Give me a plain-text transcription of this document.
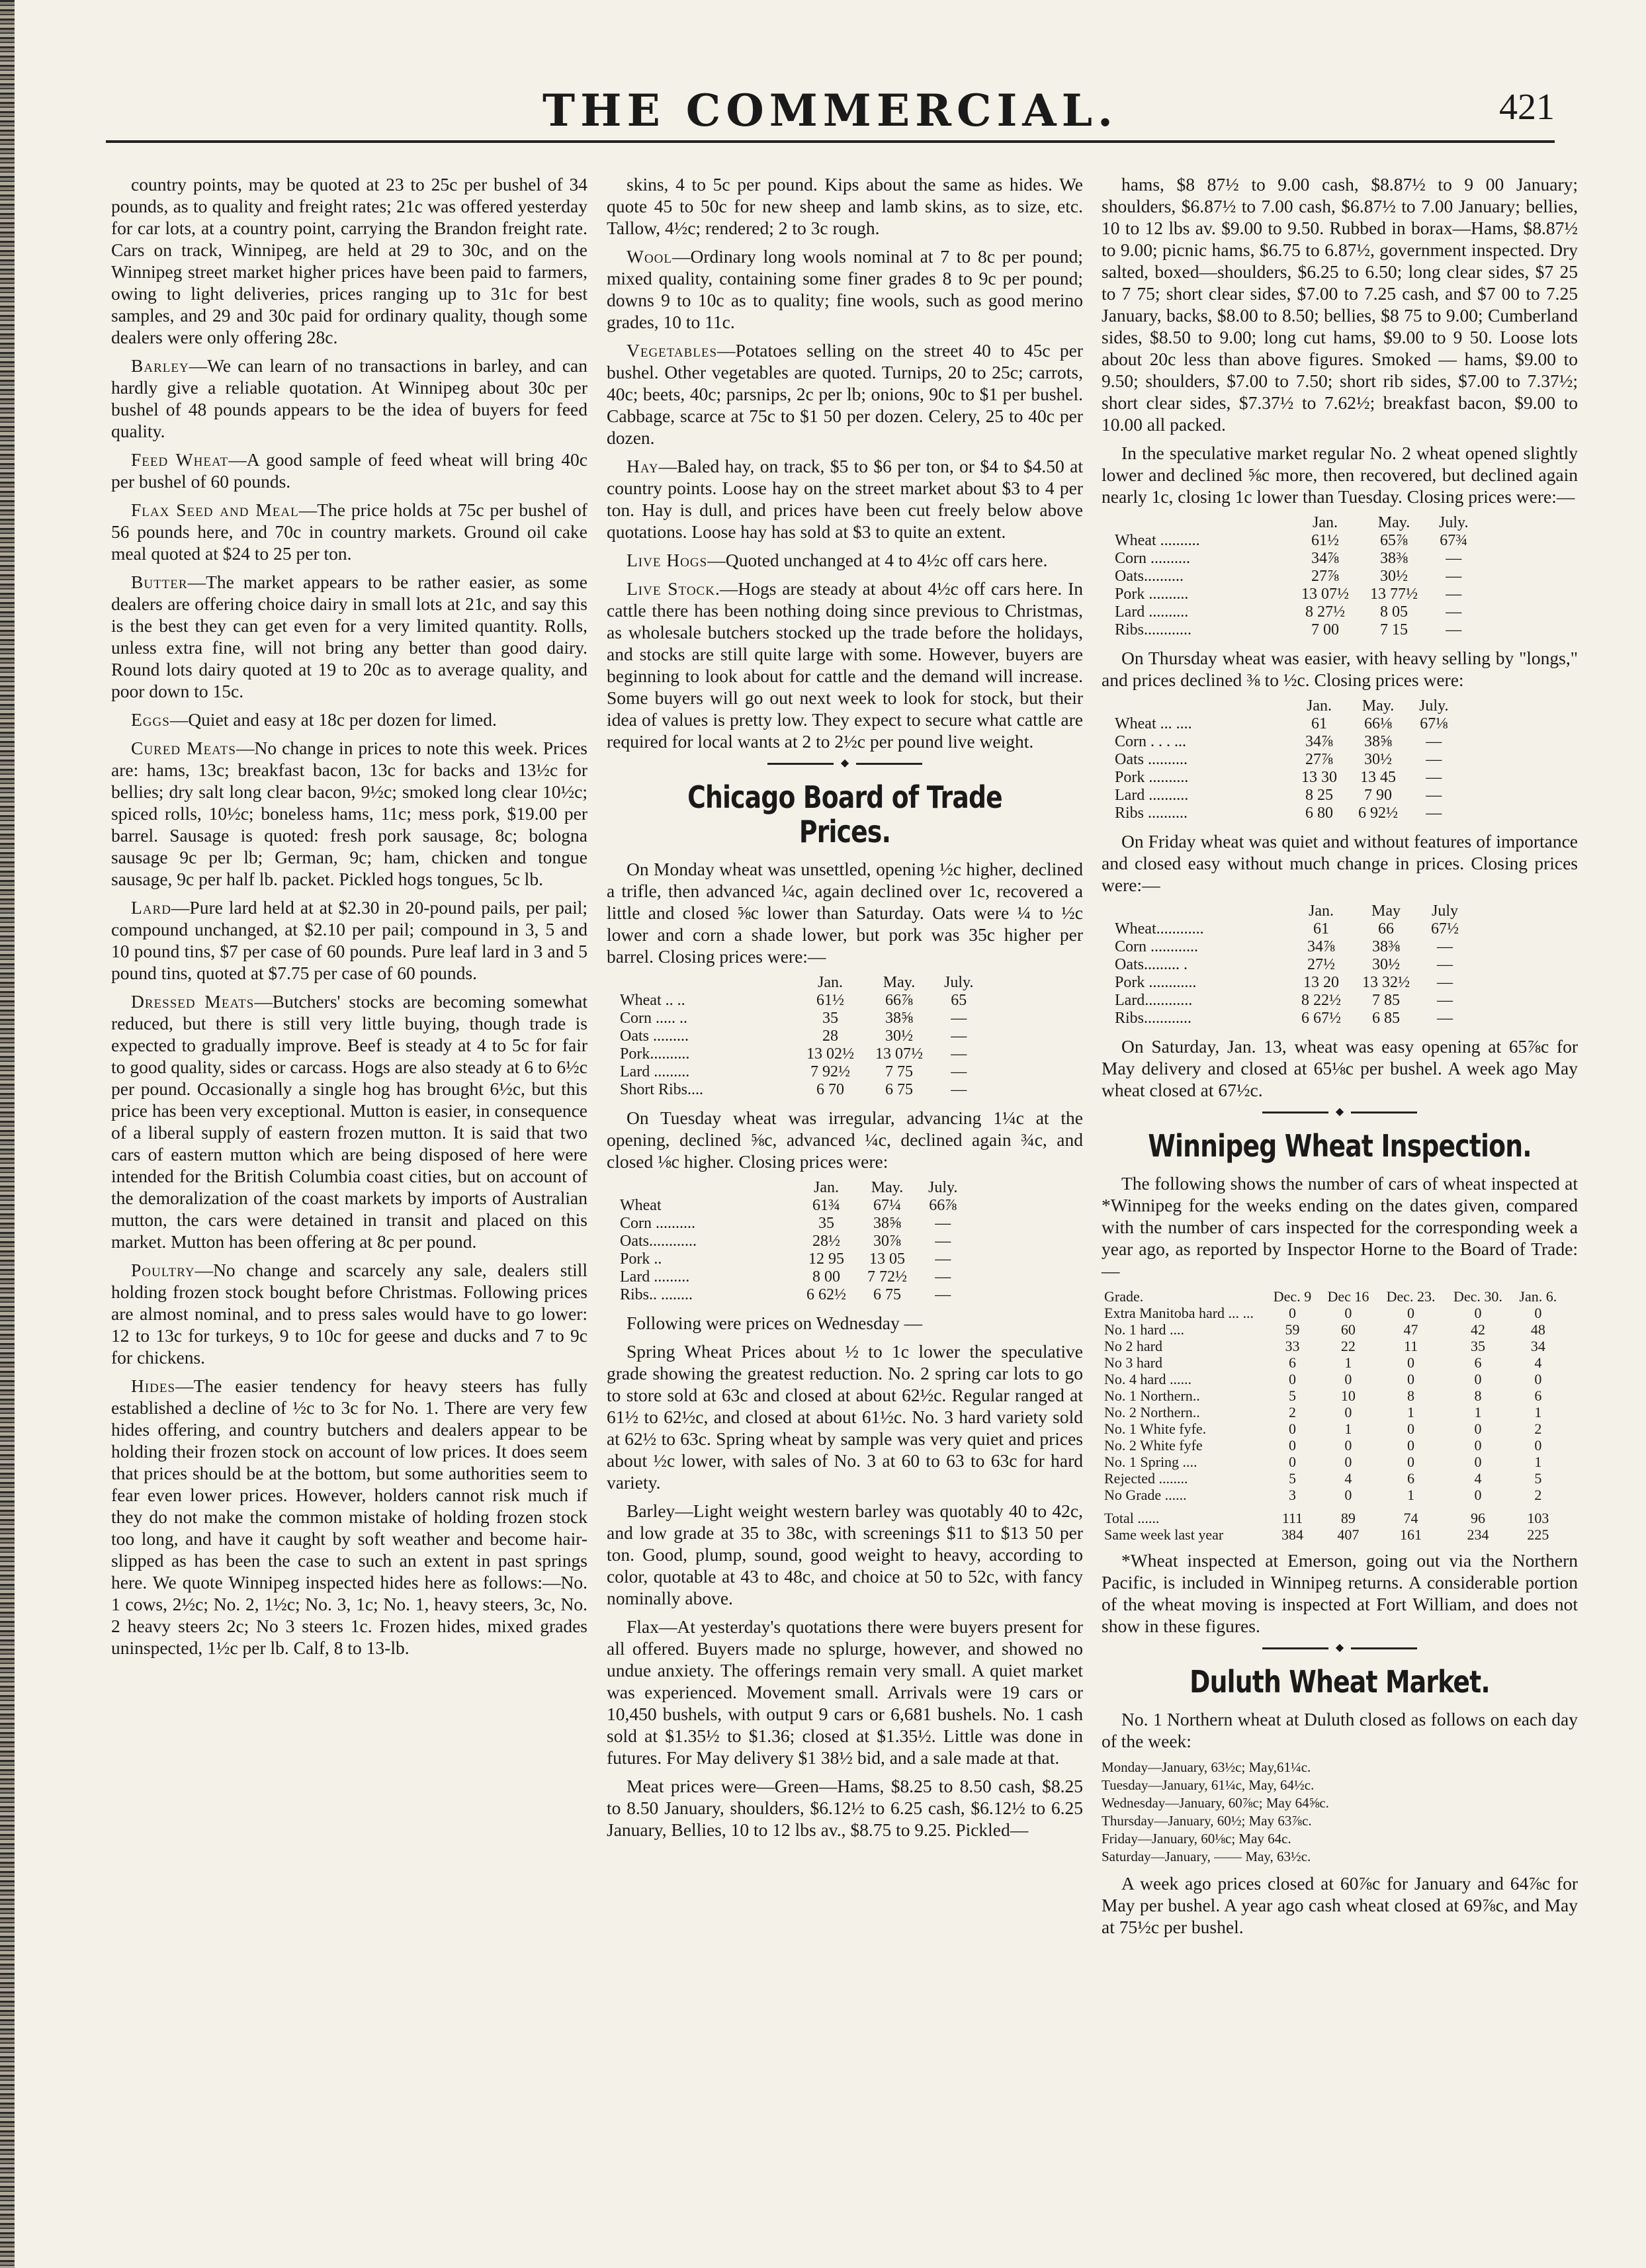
THE COMMERCIAL.	421

country points, may be quoted at 23 to 25c per bushel of 34 pounds, as to quality and freight rates; 21c was offered yesterday for car lots, at a country point, carrying the Brandon freight rate. Cars on track, Winnipeg, are held at 29 to 30c, and on the Winnipeg street market higher prices have been paid to farmers, owing to light deliveries, prices ranging up to 31c for best samples, and 29 and 30c paid for ordinary quality, though some dealers were only offering 28c.

Barley—We can learn of no transactions in barley, and can hardly give a reliable quotation. At Winnipeg about 30c per bushel of 48 pounds appears to be the idea of buyers for feed quality.

Feed Wheat—A good sample of feed wheat will bring 40c per bushel of 60 pounds.

Flax Seed and Meal—The price holds at 75c per bushel of 56 pounds here, and 70c in country markets. Ground oil cake meal quoted at $24 to 25 per ton.

Butter—The market appears to be rather easier, as some dealers are offering choice dairy in small lots at 21c, and say this is the best they can get even for a very limited quantity. Rolls, unless extra fine, will not bring any better than good dairy. Round lots dairy quoted at 19 to 20c as to average quality, and poor down to 15c.

Eggs—Quiet and easy at 18c per dozen for limed.

Cured Meats—No change in prices to note this week. Prices are: hams, 13c; breakfast bacon, 13c for backs and 13½c for bellies; dry salt long clear bacon, 9½c; smoked long clear 10½c; spiced rolls, 10½c; boneless hams, 11c; mess pork, $19.00 per barrel. Sausage is quoted: fresh pork sausage, 8c; bologna sausage 9c per lb; German, 9c; ham, chicken and tongue sausage, 9c per half lb. packet. Pickled hogs tongues, 5c lb.

Lard—Pure lard held at at $2.30 in 20-pound pails, per pail; compound unchanged, at $2.10 per pail; compound in 3, 5 and 10 pound tins, $7 per case of 60 pounds. Pure leaf lard in 3 and 5 pound tins, quoted at $7.75 per case of 60 pounds.

Dressed Meats—Butchers' stocks are becoming somewhat reduced, but there is still very little buying, though trade is expected to gradually improve. Beef is steady at 4 to 5c for fair to good quality, sides or carcass. Hogs are also steady at 6 to 6½c per pound. Occasionally a single hog has brought 6½c, but this price has been very exceptional. Mutton is easier, in consequence of a liberal supply of eastern frozen mutton. It is said that two cars of eastern mutton which are being disposed of here were intended for the British Columbia coast cities, but on account of the demoralization of the coast markets by imports of Australian mutton, the cars were detained in transit and placed on this market. Mutton has been offering at 8c per pound.

Poultry—No change and scarcely any sale, dealers still holding frozen stock bought before Christmas. Following prices are almost nominal, and to press sales would have to go lower: 12 to 13c for turkeys, 9 to 10c for geese and ducks and 7 to 9c for chickens.

Hides—The easier tendency for heavy steers has fully established a decline of ½c to 3c for No. 1. There are very few hides offering, and country butchers and dealers appear to be holding their frozen stock on account of low prices. It does seem that prices should be at the bottom, but some authorities seem to fear even lower prices. However, holders cannot risk much if they do not make the common mistake of holding frozen stock too long, and have it caught by soft weather and become hair-slipped as has been the case to such an extent in past springs here. We quote Winnipeg inspected hides here as follows:—No. 1 cows, 2½c; No. 2, 1½c; No. 3, 1c; No. 1, heavy steers, 3c, No. 2 heavy steers 2c; No 3 steers 1c. Frozen hides, mixed grades uninspected, 1½c per lb. Calf, 8 to 13-lb.

skins, 4 to 5c per pound. Kips about the same as hides. We quote 45 to 50c for new sheep and lamb skins, as to size, etc. Tallow, 4½c; rendered; 2 to 3c rough.

Wool—Ordinary long wools nominal at 7 to 8c per pound; mixed quality, containing some finer grades 8 to 9c per pound; downs 9 to 10c as to quality; fine wools, such as good merino grades, 10 to 11c.

Vegetables—Potatoes selling on the street 40 to 45c per bushel. Other vegetables are quoted. Turnips, 20 to 25c; carrots, 40c; beets, 40c; parsnips, 2c per lb; onions, 90c to $1 per bushel. Cabbage, scarce at 75c to $1 50 per dozen. Celery, 25 to 40c per dozen.

Hay—Baled hay, on track, $5 to $6 per ton, or $4 to $4.50 at country points. Loose hay on the street market about $3 to 4 per ton. Hay is dull, and prices have been cut freely below above quotations. Loose hay has sold at $3 to quite an extent.

Live Hogs—Quoted unchanged at 4 to 4½c off cars here.

Live Stock.—Hogs are steady at about 4½c off cars here. In cattle there has been nothing doing since previous to Christmas, as wholesale butchers stocked up the trade before the holidays, and stocks are still quite large with some. However, buyers are beginning to look about for cattle and the demand will increase. Some buyers will go out next week to look for stock, but their idea of values is pretty low. They expect to secure what cattle are required for local wants at 2 to 2½c per pound live weight.

◆
Chicago Board of Trade Prices.

On Monday wheat was unsettled, opening ½c higher, declined a trifle, then advanced ¼c, again declined over 1c, recovered a little and closed ⅝c lower than Saturday. Oats were ¼ to ½c lower and corn a shade lower, but pork was 35c higher per barrel. Closing prices were:—

	Jan.	May.	July.
Wheat .. ..	61½	66⅞	65
Corn ..... ..	35	38⅝	—
Oats .........	28	30½	—
Pork..........	13 02½	13 07½	—
Lard .........	7 92½	7 75	—
Short Ribs....	6 70	6 75	—

On Tuesday wheat was irregular, advancing 1¼c at the opening, declined ⅝c, advanced ¼c, declined again ¾c, and closed ⅛c higher. Closing prices were:

	Jan.	May.	July.
Wheat	61¾	67¼	66⅞
Corn ..........	35	38⅝	—
Oats............	28½	30⅞	—
Pork ..	12 95	13 05	—
Lard .........	8 00	7 72½	—
Ribs.. ........	6 62½	6 75	—

Following were prices on Wednesday —

Spring Wheat Prices about ½ to 1c lower the speculative grade showing the greatest reduction. No. 2 spring car lots to go to store sold at 63c and closed at about 62½c. Regular ranged at 61½ to 62½c, and closed at about 61½c. No. 3 hard variety sold at 62½ to 63c. Spring wheat by sample was very quiet and prices about ½c lower, with sales of No. 3 at 60 to 63 to 63c for hard variety.

Barley—Light weight western barley was quotably 40 to 42c, and low grade at 35 to 38c, with screenings $11 to $13 50 per ton. Good, plump, sound, good weight to heavy, according to color, quotable at 43 to 48c, and choice at 50 to 52c, with fancy nominally above.

Flax—At yesterday's quotations there were buyers present for all offered. Buyers made no splurge, however, and showed no undue anxiety. The offerings remain very small. A quiet market was experienced. Movement small. Arrivals were 19 cars or 10,450 bushels, with output 9 cars or 6,681 bushels. No. 1 cash sold at $1.35½ to $1.36; closed at $1.35½. Little was done in futures. For May delivery $1 38½ bid, and a sale made at that.

Meat prices were—Green—Hams, $8.25 to 8.50 cash, $8.25 to 8.50 January, shoulders, $6.12½ to 6.25 cash, $6.12½ to 6.25 January, Bellies, 10 to 12 lbs av., $8.75 to 9.25. Pickled—

hams, $8 87½ to 9.00 cash, $8.87½ to 9 00 January; shoulders, $6.87½ to 7.00 cash, $6.87½ to 7.00 January; bellies, 10 to 12 lbs av. $9.00 to 9.50. Rubbed in borax—Hams, $8.87½ to 9.00; picnic hams, $6.75 to 6.87½, government inspected. Dry salted, boxed—shoulders, $6.25 to 6.50; long clear sides, $7 25 to 7 75; short clear sides, $7.00 to 7.25 cash, and $7 00 to 7.25 January, backs, $8.00 to 8.50; bellies, $8 75 to 9.00; Cumberland sides, $8.50 to 9.00; long cut hams, $9.00 to 9 50. Loose lots about 20c less than above figures. Smoked — hams, $9.00 to 9.50; shoulders, $7.00 to 7.50; short rib sides, $7.00 to 7.37½; short clear sides, $7.37½ to 7.62½; breakfast bacon, $9.00 to 10.00 all packed.

In the speculative market regular No. 2 wheat opened slightly lower and declined ⅝c more, then recovered, but declined again nearly 1c, closing 1c lower than Tuesday. Closing prices were:—

	Jan.	May.	July.
Wheat ..........	61½	65⅞	67¾
Corn ..........	34⅞	38⅜	—
Oats..........	27⅞	30½	—
Pork ..........	13 07½	13 77½	—
Lard ..........	8 27½	8 05	—
Ribs............	7 00	7 15	—

On Thursday wheat was easier, with heavy selling by "longs," and prices declined ⅜ to ½c. Closing prices were:

	Jan.	May.	July.
Wheat ... ....	61	66⅛	67⅛
Corn . . . ...	34⅞	38⅝	—
Oats ..........	27⅞	30½	—
Pork ..........	13 30	13 45	—
Lard ..........	8 25	7 90	—
Ribs ..........	6 80	6 92½	—

On Friday wheat was quiet and without features of importance and closed easy without much change in prices. Closing prices were:—

	Jan.	May	July
Wheat............	61	66	67½
Corn ............	34⅞	38⅜	—
Oats......... .	27½	30½	—
Pork ............	13 20	13 32½	—
Lard............	8 22½	7 85	—
Ribs............	6 67½	6 85	—

On Saturday, Jan. 13, wheat was easy opening at 65⅞c for May delivery and closed at 65⅛c per bushel. A week ago May wheat closed at 67½c.

◆
Winnipeg Wheat Inspection.

The following shows the number of cars of wheat inspected at *Winnipeg for the weeks ending on the dates given, compared with the number of cars inspected for the corresponding week a year ago, as reported by Inspector Horne to the Board of Trade:—

Grade.	Dec. 9	Dec 16	Dec. 23.	Dec. 30.	Jan. 6.
Extra Manitoba hard ... ...	0	0	0	0	0
No. 1 hard ....	59	60	47	42	48
No 2 hard	33	22	11	35	34
No 3 hard	6	1	0	6	4
No. 4 hard ......	0	0	0	0	0
No. 1 Northern..	5	10	8	8	6
No. 2 Northern..	2	0	1	1	1
No. 1 White fyfe.	0	1	0	0	2
No. 2 White fyfe	0	0	0	0	0
No. 1 Spring ....	0	0	0	0	1
Rejected ........	5	4	6	4	5
No Grade ......	3	0	1	0	2
Total ......	111	89	74	96	103
Same week last year	384	407	161	234	225

*Wheat inspected at Emerson, going out via the Northern Pacific, is included in Winnipeg returns. A considerable portion of the wheat moving is inspected at Fort William, and does not show in these figures.

◆
Duluth Wheat Market.

No. 1 Northern wheat at Duluth closed as follows on each day of the week:

Monday—January, 63½c; May,61¼c.
Tuesday—January, 61¼c, May, 64½c.
Wednesday—January, 60⅞c; May 64⅝c.
Thursday—January, 60½; May 63⅞c.
Friday—January, 60⅛c; May 64c.
Saturday—January, —— May, 63½c.

A week ago prices closed at 60⅞c for January and 64⅞c for May per bushel. A year ago cash wheat closed at 69⅞c, and May at 75½c per bushel.
